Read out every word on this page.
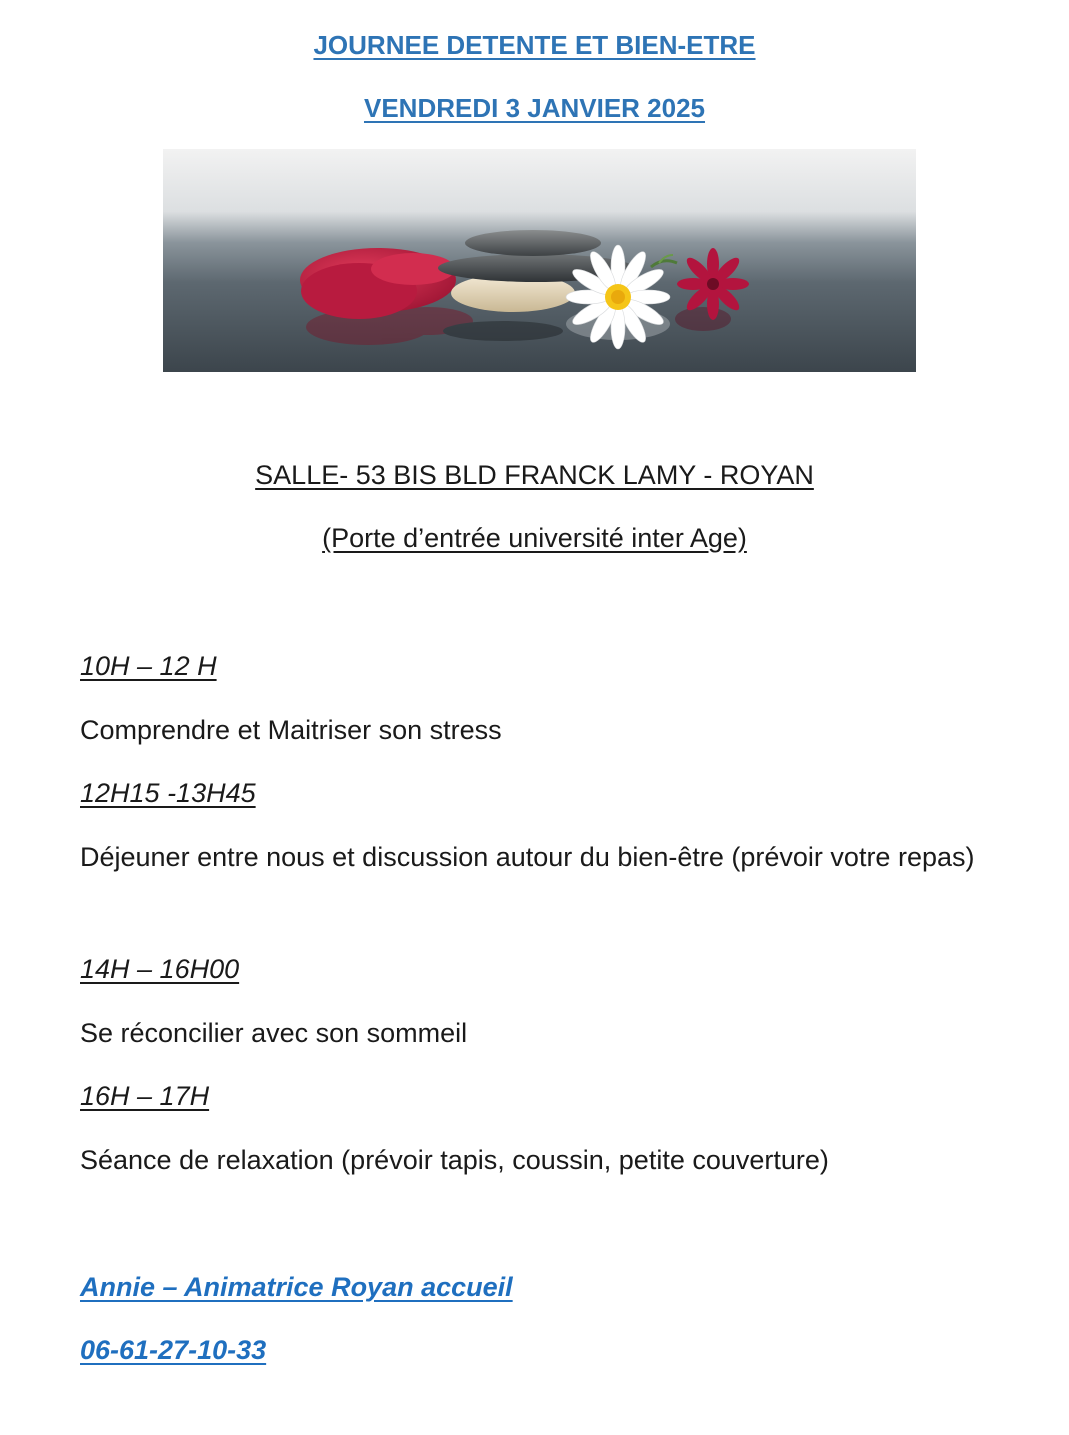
JOURNEE DETENTE ET BIEN-ETRE

VENDREDI 3 JANVIER 2025

SALLE- 53 BIS BLD FRANCK LAMY - ROYAN

(Porte d’entrée université inter Age)

10H – 12 H

Comprendre et Maitriser son stress

12H15 -13H45

Déjeuner entre nous et discussion autour du bien-être (prévoir votre repas)

14H – 16H00

Se réconcilier avec son sommeil

16H – 17H

Séance de relaxation (prévoir tapis, coussin, petite couverture)

Annie – Animatrice Royan accueil

06-61-27-10-33
